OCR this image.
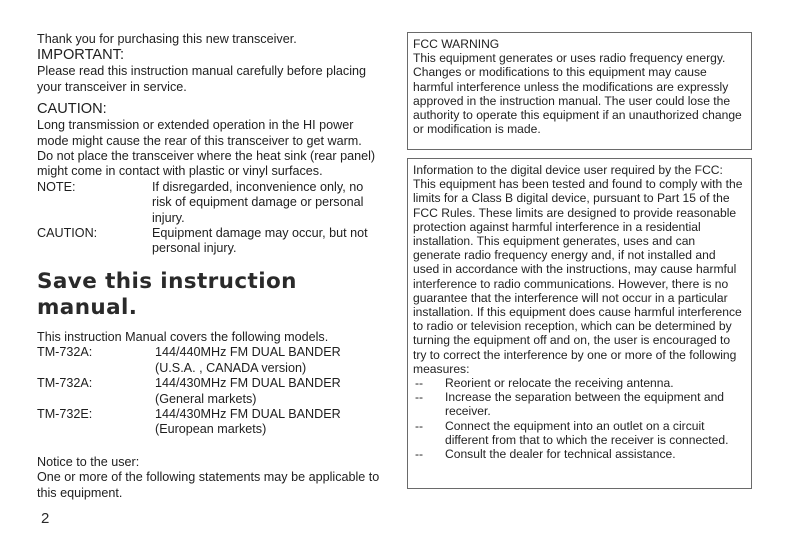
Thank you for purchasing this new transceiver.

IMPORTANT:

Please read this instruction manual carefully before placing your transceiver in service.

CAUTION:

Long transmission or extended operation in the HI power mode might cause the rear of this transceiver to get warm.

Do not place the transceiver where the heat sink (rear panel) might come in contact with plastic or vinyl surfaces.

NOTE:	If disregarded, inconvenience only, no risk of equipment damage or personal injury.
CAUTION:	Equipment damage may occur, but not personal injury.
Save this instruction manual.

This instruction Manual covers the following models.

TM-732A:	144/440MHz FM DUAL BANDER
(U.S.A. , CANADA version)
TM-732A:	144/430MHz FM DUAL BANDER
(General markets)
TM-732E:	144/430MHz FM DUAL BANDER
(European markets)

Notice to the user:

One or more of the following statements may be applicable to this equipment.

2

FCC WARNING

This equipment generates or uses radio frequency energy. Changes or modifications to this equipment may cause harmful interference unless the modifications are expressly approved in the instruction manual. The user could lose the authority to operate this equipment if an unauthorized change or modification is made.

Information to the digital device user required by the FCC:

This equipment has been tested and found to comply with the limits for a Class B digital device, pursuant to Part 15 of the FCC Rules. These limits are designed to provide reasonable protection against harmful interference in a residential installation. This equipment generates, uses and can generate radio frequency energy and, if not installed and used in accordance with the instructions, may cause harmful interference to radio communications. However, there is no guarantee that the interference will not occur in a particular installation. If this equipment does cause harmful interference to radio or television reception, which can be determined by turning the equipment off and on, the user is encouraged to try to correct the interference by one or more of the following measures:

--	Reorient or relocate the receiving antenna.
--	Increase the separation between the equipment and receiver.
--	Connect the equipment into an outlet on a circuit different from that to which the receiver is connected.
--	Consult the dealer for technical assistance.
